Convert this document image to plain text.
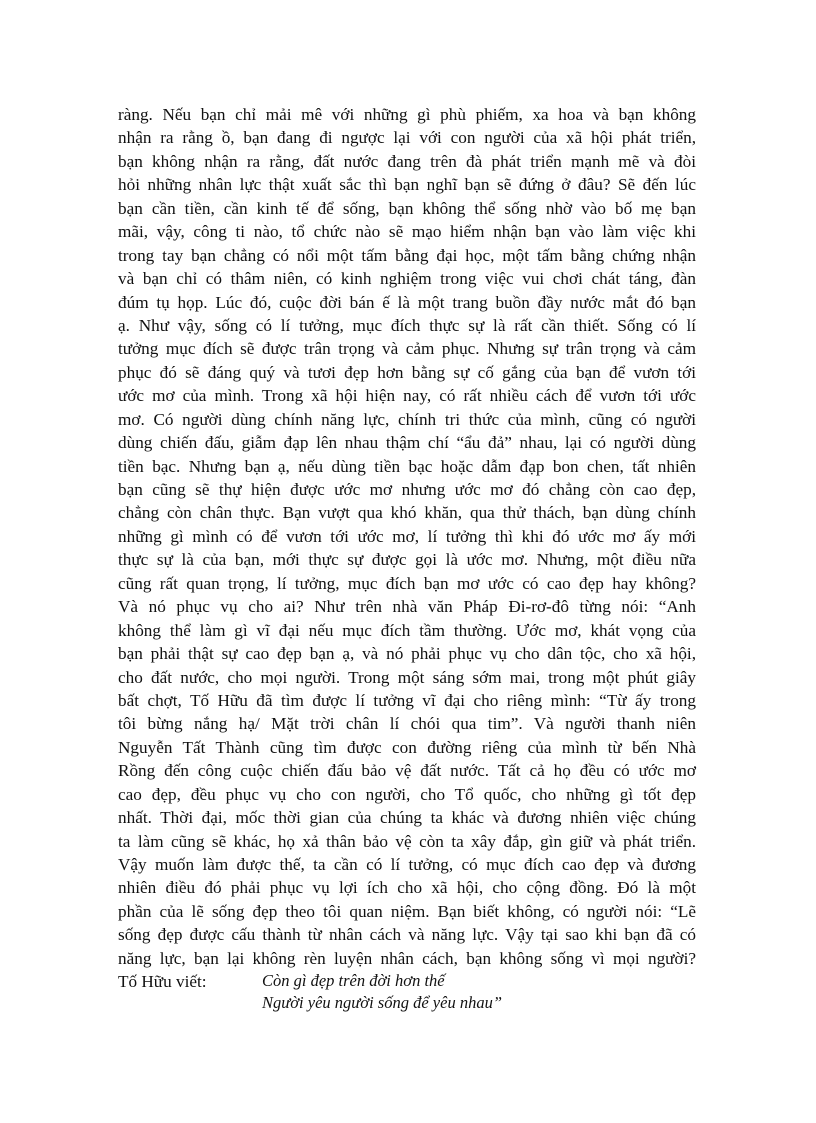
ràng. Nếu bạn chỉ mải mê với những gì phù phiếm, xa hoa và bạn không
nhận ra rằng ồ, bạn đang đi ngược lại với con người của xã hội phát triển,
bạn không nhận ra rằng, đất nước đang trên đà phát triển mạnh mẽ và đòi
hỏi những nhân lực thật xuất sắc thì bạn nghĩ bạn sẽ đứng ở đâu? Sẽ đến lúc
bạn cần tiền, cần kinh tế để sống, bạn không thể sống nhờ vào bố mẹ bạn
mãi, vậy, công ti nào, tổ chức nào sẽ mạo hiểm nhận bạn vào làm việc khi
trong tay bạn chẳng có nổi một tấm bằng đại học, một tấm bằng chứng nhận
và bạn chỉ có thâm niên, có kinh nghiệm trong việc vui chơi chát táng, đàn
đúm tụ họp. Lúc đó, cuộc đời bán ế là một trang buồn đầy nước mắt đó bạn
ạ. Như vậy, sống có lí tưởng, mục đích thực sự là rất cần thiết. Sống có lí
tưởng mục đích sẽ được trân trọng và cảm phục. Nhưng sự trân trọng và cảm
phục đó sẽ đáng quý và tươi đẹp hơn bằng sự cố gắng của bạn để vươn tới
ước mơ của mình. Trong xã hội hiện nay, có rất nhiều cách để vươn tới ước
mơ. Có người dùng chính năng lực, chính tri thức của mình, cũng có người
dùng chiến đấu, giẫm đạp lên nhau thậm chí “ẩu đả” nhau, lại có người dùng
tiền bạc. Nhưng bạn ạ, nếu dùng tiền bạc hoặc dẫm đạp bon chen, tất nhiên
bạn cũng sẽ thự hiện được ước mơ nhưng ước mơ đó chẳng còn cao đẹp,
chẳng còn chân thực. Bạn vượt qua khó khăn, qua thử thách, bạn dùng chính
những gì mình có để vươn tới ước mơ, lí tưởng thì khi đó ước mơ ấy mới
thực sự là của bạn, mới thực sự được gọi là ước mơ. Nhưng, một điều nữa
cũng rất quan trọng, lí tưởng, mục đích bạn mơ ước có cao đẹp hay không?
Và nó phục vụ cho ai? Như trên nhà văn Pháp Đi-rơ-đô từng nói: “Anh
không thể làm gì vĩ đại nếu mục đích tầm thường. Ước mơ, khát vọng của
bạn phải thật sự cao đẹp bạn ạ, và nó phải phục vụ cho dân tộc, cho xã hội,
cho đất nước, cho mọi người. Trong một sáng sớm mai, trong một phút giây
bất chợt, Tố Hữu đã tìm được lí tưởng vĩ đại cho riêng mình: “Từ ấy trong
tôi bừng nắng hạ/ Mặt trời chân lí chói qua tim”. Và người thanh niên
Nguyễn Tất Thành cũng tìm được con đường riêng của mình từ bến Nhà
Rồng đến công cuộc chiến đấu bảo vệ đất nước. Tất cả họ đều có ước mơ
cao đẹp, đều phục vụ cho con người, cho Tổ quốc, cho những gì tốt đẹp
nhất. Thời đại, mốc thời gian của chúng ta khác và đương nhiên việc chúng
ta làm cũng sẽ khác, họ xả thân bảo vệ còn ta xây đắp, gìn giữ và phát triển.
Vậy muốn làm được thế, ta cần có lí tưởng, có mục đích cao đẹp và đương
nhiên điều đó phải phục vụ lợi ích cho xã hội, cho cộng đồng. Đó là một
phần của lẽ sống đẹp theo tôi quan niệm. Bạn biết không, có người nói: “Lẽ
sống đẹp được cấu thành từ nhân cách và năng lực. Vậy tại sao khi bạn đã có
năng lực, bạn lại không rèn luyện nhân cách, bạn không sống vì mọi người?
Tố Hữu viết:	Còn gì đẹp trên đời hơn thế
Người yêu người sống để yêu nhau”
